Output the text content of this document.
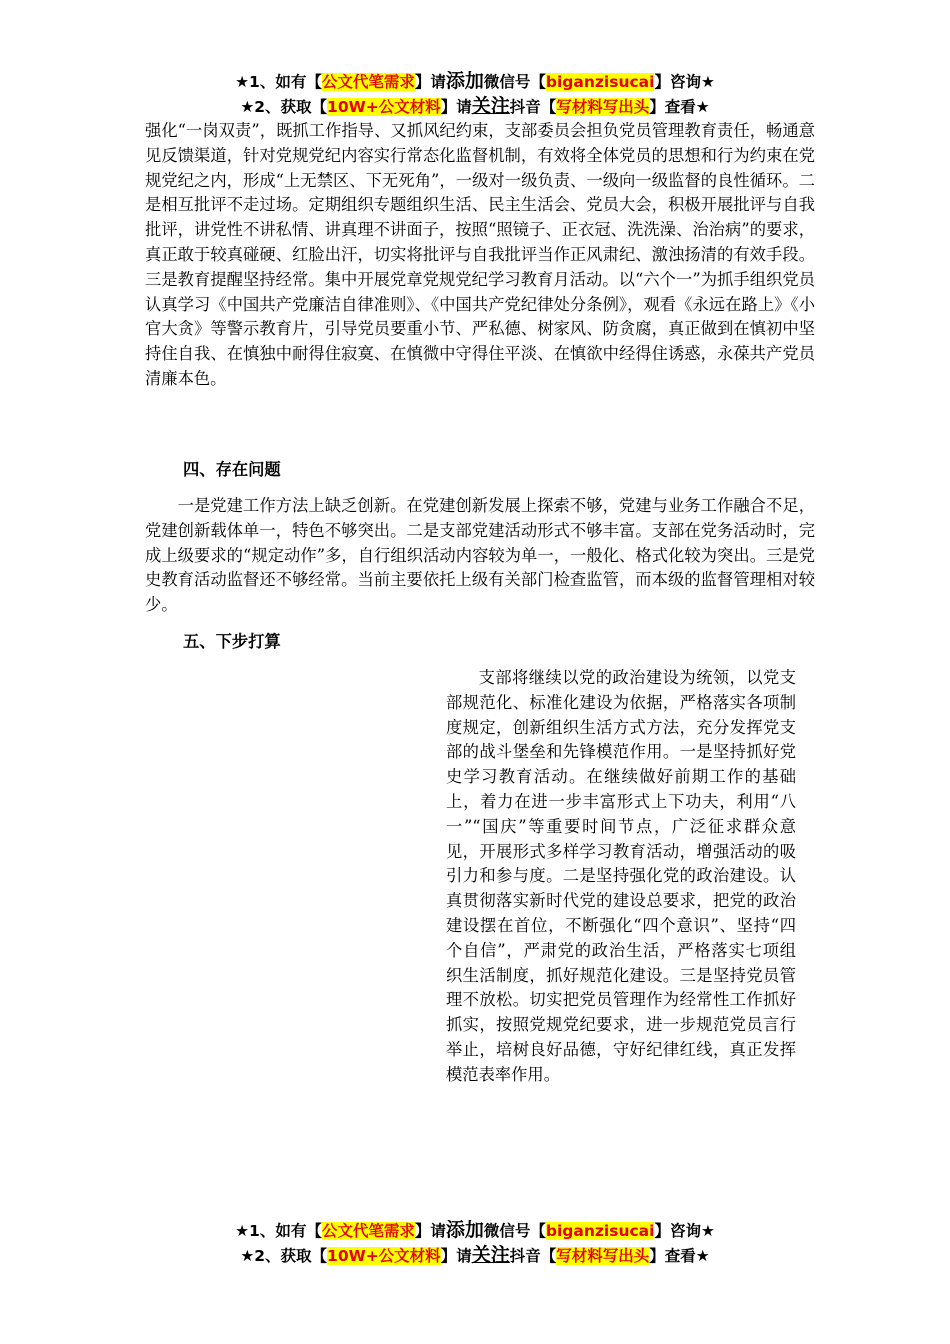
★1、如有【公文代笔需求】请添加微信号【biganzisucai】咨询★
★2、获取【10W+公文材料】请关注抖音【写材料写出头】查看★
强化“一岗双责”，既抓工作指导、又抓风纪约束，支部委员会担负党员管理教育责任，畅通意见反馈渠道，针对党规党纪内容实行常态化监督机制，有效将全体党员的思想和行为约束在党规党纪之内，形成“上无禁区、下无死角”，一级对一级负责、一级向一级监督的良性循环。二是相互批评不走过场。定期组织专题组织生活、民主生活会、党员大会，积极开展批评与自我批评，讲党性不讲私情、讲真理不讲面子，按照“照镜子、正衣冠、洗洗澡、治治病”的要求，真正敢于较真碰硬、红脸出汗，切实将批评与自我批评当作正风肃纪、激浊扬清的有效手段。三是教育提醒坚持经常。集中开展党章党规党纪学习教育月活动。以“六个一”为抓手组织党员认真学习《中国共产党廉洁自律准则》、《中国共产党纪律处分条例》，观看《永远在路上》《小官大贪》等警示教育片，引导党员要重小节、严私德、树家风、防贪腐，真正做到在慎初中坚持住自我、在慎独中耐得住寂寞、在慎微中守得住平淡、在慎欲中经得住诱惑，永葆共产党员清廉本色。
四、存在问题
一是党建工作方法上缺乏创新。在党建创新发展上探索不够，党建与业务工作融合不足，党建创新载体单一，特色不够突出。二是支部党建活动形式不够丰富。支部在党务活动时，完成上级要求的“规定动作”多，自行组织活动内容较为单一，一般化、格式化较为突出。三是党史教育活动监督还不够经常。当前主要依托上级有关部门检查监管，而本级的监督管理相对较少。
五、下步打算
支部将继续以党的政治建设为统领，以党支部规范化、标准化建设为依据，严格落实各项制度规定，创新组织生活方式方法，充分发挥党支部的战斗堡垒和先锋模范作用。一是坚持抓好党史学习教育活动。在继续做好前期工作的基础上，着力在进一步丰富形式上下功夫，利用“八一”“国庆”等重要时间节点，广泛征求群众意见，开展形式多样学习教育活动，增强活动的吸引力和参与度。二是坚持强化党的政治建设。认真贯彻落实新时代党的建设总要求，把党的政治建设摆在首位，不断强化“四个意识”、坚持“四个自信”，严肃党的政治生活，严格落实七项组织生活制度，抓好规范化建设。三是坚持党员管理不放松。切实把党员管理作为经常性工作抓好抓实，按照党规党纪要求，进一步规范党员言行举止，培树良好品德，守好纪律红线，真正发挥模范表率作用。
★1、如有【公文代笔需求】请添加微信号【biganzisucai】咨询★
★2、获取【10W+公文材料】请关注抖音【写材料写出头】查看★
